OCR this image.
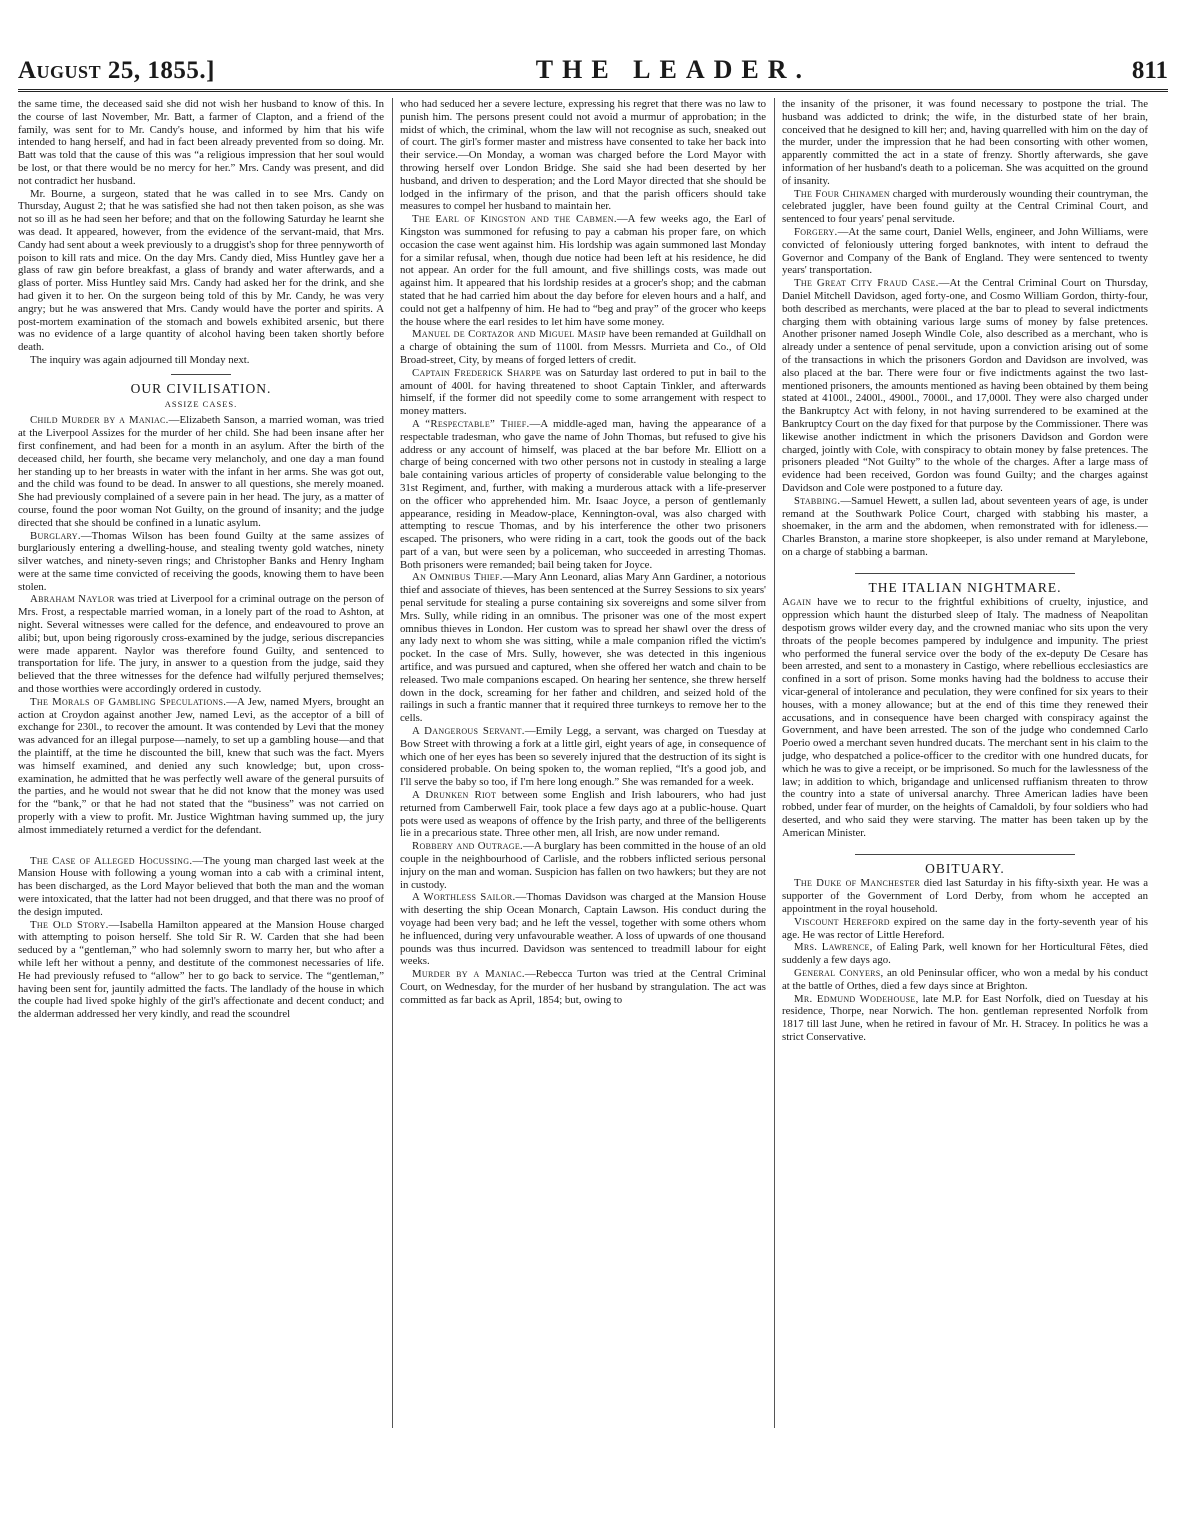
August 25, 1855.]	THE LEADER.	811

the same time, the deceased said she did not wish her husband to know of this. In the course of last November, Mr. Batt, a farmer of Clapton, and a friend of the family, was sent for to Mr. Candy's house, and informed by him that his wife intended to hang herself, and had in fact been already prevented from so doing. Mr. Batt was told that the cause of this was “a religious impression that her soul would be lost, or that there would be no mercy for her.” Mrs. Candy was present, and did not contradict her husband.

Mr. Bourne, a surgeon, stated that he was called in to see Mrs. Candy on Thursday, August 2; that he was satisfied she had not then taken poison, as she was not so ill as he had seen her before; and that on the following Saturday he learnt she was dead. It appeared, however, from the evidence of the servant-maid, that Mrs. Candy had sent about a week previously to a druggist's shop for three pennyworth of poison to kill rats and mice. On the day Mrs. Candy died, Miss Huntley gave her a glass of raw gin before breakfast, a glass of brandy and water afterwards, and a glass of porter. Miss Huntley said Mrs. Candy had asked her for the drink, and she had given it to her. On the surgeon being told of this by Mr. Candy, he was very angry; but he was answered that Mrs. Candy would have the porter and spirits. A post-mortem examination of the stomach and bowels exhibited arsenic, but there was no evidence of a large quantity of alcohol having been taken shortly before death.

The inquiry was again adjourned till Monday next.

OUR CIVILISATION.
ASSIZE CASES.

Child Murder by a Maniac.—Elizabeth Sanson, a married woman, was tried at the Liverpool Assizes for the murder of her child. She had been insane after her first confinement, and had been for a month in an asylum. After the birth of the deceased child, her fourth, she became very melancholy, and one day a man found her standing up to her breasts in water with the infant in her arms. She was got out, and the child was found to be dead. In answer to all questions, she merely moaned. She had previously complained of a severe pain in her head. The jury, as a matter of course, found the poor woman Not Guilty, on the ground of insanity; and the judge directed that she should be confined in a lunatic asylum.

Burglary.—Thomas Wilson has been found Guilty at the same assizes of burglariously entering a dwelling-house, and stealing twenty gold watches, ninety silver watches, and ninety-seven rings; and Christopher Banks and Henry Ingham were at the same time convicted of receiving the goods, knowing them to have been stolen.

Abraham Naylor was tried at Liverpool for a criminal outrage on the person of Mrs. Frost, a respectable married woman, in a lonely part of the road to Ashton, at night. Several witnesses were called for the defence, and endeavoured to prove an alibi; but, upon being rigorously cross-examined by the judge, serious discrepancies were made apparent. Naylor was therefore found Guilty, and sentenced to transportation for life. The jury, in answer to a question from the judge, said they believed that the three witnesses for the defence had wilfully perjured themselves; and those worthies were accordingly ordered in custody.

The Morals of Gambling Speculations.—A Jew, named Myers, brought an action at Croydon against another Jew, named Levi, as the acceptor of a bill of exchange for 230l., to recover the amount. It was contended by Levi that the money was advanced for an illegal purpose—namely, to set up a gambling house—and that the plaintiff, at the time he discounted the bill, knew that such was the fact. Myers was himself examined, and denied any such knowledge; but, upon cross-examination, he admitted that he was perfectly well aware of the general pursuits of the parties, and he would not swear that he did not know that the money was used for the “bank,” or that he had not stated that the “business” was not carried on properly with a view to profit. Mr. Justice Wightman having summed up, the jury almost immediately returned a verdict for the defendant.

The Case of Alleged Hocussing.—The young man charged last week at the Mansion House with following a young woman into a cab with a criminal intent, has been discharged, as the Lord Mayor believed that both the man and the woman were intoxicated, that the latter had not been drugged, and that there was no proof of the design imputed.

The Old Story.—Isabella Hamilton appeared at the Mansion House charged with attempting to poison herself. She told Sir R. W. Carden that she had been seduced by a “gentleman,” who had solemnly sworn to marry her, but who after a while left her without a penny, and destitute of the commonest necessaries of life. He had previously refused to “allow” her to go back to service. The “gentleman,” having been sent for, jauntily admitted the facts. The landlady of the house in which the couple had lived spoke highly of the girl's affectionate and decent conduct; and the alderman addressed her very kindly, and read the scoundrel

who had seduced her a severe lecture, expressing his regret that there was no law to punish him. The persons present could not avoid a murmur of approbation; in the midst of which, the criminal, whom the law will not recognise as such, sneaked out of court. The girl's former master and mistress have consented to take her back into their service.—On Monday, a woman was charged before the Lord Mayor with throwing herself over London Bridge. She said she had been deserted by her husband, and driven to desperation; and the Lord Mayor directed that she should be lodged in the infirmary of the prison, and that the parish officers should take measures to compel her husband to maintain her.

The Earl of Kingston and the Cabmen.—A few weeks ago, the Earl of Kingston was summoned for refusing to pay a cabman his proper fare, on which occasion the case went against him. His lordship was again summoned last Monday for a similar refusal, when, though due notice had been left at his residence, he did not appear. An order for the full amount, and five shillings costs, was made out against him. It appeared that his lordship resides at a grocer's shop; and the cabman stated that he had carried him about the day before for eleven hours and a half, and could not get a halfpenny of him. He had to “beg and pray” of the grocer who keeps the house where the earl resides to let him have some money.

Manuel de Cortazor and Miguel Masip have been remanded at Guildhall on a charge of obtaining the sum of 1100l. from Messrs. Murrieta and Co., of Old Broad-street, City, by means of forged letters of credit.

Captain Frederick Sharpe was on Saturday last ordered to put in bail to the amount of 400l. for having threatened to shoot Captain Tinkler, and afterwards himself, if the former did not speedily come to some arrangement with respect to money matters.

A “Respectable” Thief.—A middle-aged man, having the appearance of a respectable tradesman, who gave the name of John Thomas, but refused to give his address or any account of himself, was placed at the bar before Mr. Elliott on a charge of being concerned with two other persons not in custody in stealing a large bale containing various articles of property of considerable value belonging to the 31st Regiment, and, further, with making a murderous attack with a life-preserver on the officer who apprehended him. Mr. Isaac Joyce, a person of gentlemanly appearance, residing in Meadow-place, Kennington-oval, was also charged with attempting to rescue Thomas, and by his interference the other two prisoners escaped. The prisoners, who were riding in a cart, took the goods out of the back part of a van, but were seen by a policeman, who succeeded in arresting Thomas. Both prisoners were remanded; bail being taken for Joyce.

An Omnibus Thief.—Mary Ann Leonard, alias Mary Ann Gardiner, a notorious thief and associate of thieves, has been sentenced at the Surrey Sessions to six years' penal servitude for stealing a purse containing six sovereigns and some silver from Mrs. Sully, while riding in an omnibus. The prisoner was one of the most expert omnibus thieves in London. Her custom was to spread her shawl over the dress of any lady next to whom she was sitting, while a male companion rifled the victim's pocket. In the case of Mrs. Sully, however, she was detected in this ingenious artifice, and was pursued and captured, when she offered her watch and chain to be released. Two male companions escaped. On hearing her sentence, she threw herself down in the dock, screaming for her father and children, and seized hold of the railings in such a frantic manner that it required three turnkeys to remove her to the cells.

A Dangerous Servant.—Emily Legg, a servant, was charged on Tuesday at Bow Street with throwing a fork at a little girl, eight years of age, in consequence of which one of her eyes has been so severely injured that the destruction of its sight is considered probable. On being spoken to, the woman replied, “It's a good job, and I'll serve the baby so too, if I'm here long enough.” She was remanded for a week.

A Drunken Riot between some English and Irish labourers, who had just returned from Camberwell Fair, took place a few days ago at a public-house. Quart pots were used as weapons of offence by the Irish party, and three of the belligerents lie in a precarious state. Three other men, all Irish, are now under remand.

Robbery and Outrage.—A burglary has been committed in the house of an old couple in the neighbourhood of Carlisle, and the robbers inflicted serious personal injury on the man and woman. Suspicion has fallen on two hawkers; but they are not in custody.

A Worthless Sailor.—Thomas Davidson was charged at the Mansion House with deserting the ship Ocean Monarch, Captain Lawson. His conduct during the voyage had been very bad; and he left the vessel, together with some others whom he influenced, during very unfavourable weather. A loss of upwards of one thousand pounds was thus incurred. Davidson was sentenced to treadmill labour for eight weeks.

Murder by a Maniac.—Rebecca Turton was tried at the Central Criminal Court, on Wednesday, for the murder of her husband by strangulation. The act was committed as far back as April, 1854; but, owing to

the insanity of the prisoner, it was found necessary to postpone the trial. The husband was addicted to drink; the wife, in the disturbed state of her brain, conceived that he designed to kill her; and, having quarrelled with him on the day of the murder, under the impression that he had been consorting with other women, apparently committed the act in a state of frenzy. Shortly afterwards, she gave information of her husband's death to a policeman. She was acquitted on the ground of insanity.

The Four Chinamen charged with murderously wounding their countryman, the celebrated juggler, have been found guilty at the Central Criminal Court, and sentenced to four years' penal servitude.

Forgery.—At the same court, Daniel Wells, engineer, and John Williams, were convicted of feloniously uttering forged banknotes, with intent to defraud the Governor and Company of the Bank of England. They were sentenced to twenty years' transportation.

The Great City Fraud Case.—At the Central Criminal Court on Thursday, Daniel Mitchell Davidson, aged forty-one, and Cosmo William Gordon, thirty-four, both described as merchants, were placed at the bar to plead to several indictments charging them with obtaining various large sums of money by false pretences. Another prisoner named Joseph Windle Cole, also described as a merchant, who is already under a sentence of penal servitude, upon a conviction arising out of some of the transactions in which the prisoners Gordon and Davidson are involved, was also placed at the bar. There were four or five indictments against the two last-mentioned prisoners, the amounts mentioned as having been obtained by them being stated at 4100l., 2400l., 4900l., 7000l., and 17,000l. They were also charged under the Bankruptcy Act with felony, in not having surrendered to be examined at the Bankruptcy Court on the day fixed for that purpose by the Commissioner. There was likewise another indictment in which the prisoners Davidson and Gordon were charged, jointly with Cole, with conspiracy to obtain money by false pretences. The prisoners pleaded “Not Guilty” to the whole of the charges. After a large mass of evidence had been received, Gordon was found Guilty; and the charges against Davidson and Cole were postponed to a future day.

Stabbing.—Samuel Hewett, a sullen lad, about seventeen years of age, is under remand at the Southwark Police Court, charged with stabbing his master, a shoemaker, in the arm and the abdomen, when remonstrated with for idleness.—Charles Branston, a marine store shopkeeper, is also under remand at Marylebone, on a charge of stabbing a barman.

THE ITALIAN NIGHTMARE.

Again have we to recur to the frightful exhibitions of cruelty, injustice, and oppression which haunt the disturbed sleep of Italy. The madness of Neapolitan despotism grows wilder every day, and the crowned maniac who sits upon the very throats of the people becomes pampered by indulgence and impunity. The priest who performed the funeral service over the body of the ex-deputy De Cesare has been arrested, and sent to a monastery in Castigo, where rebellious ecclesiastics are confined in a sort of prison. Some monks having had the boldness to accuse their vicar-general of intolerance and peculation, they were confined for six years to their houses, with a money allowance; but at the end of this time they renewed their accusations, and in consequence have been charged with conspiracy against the Government, and have been arrested. The son of the judge who condemned Carlo Poerio owed a merchant seven hundred ducats. The merchant sent in his claim to the judge, who despatched a police-officer to the creditor with one hundred ducats, for which he was to give a receipt, or be imprisoned. So much for the lawlessness of the law; in addition to which, brigandage and unlicensed ruffianism threaten to throw the country into a state of universal anarchy. Three American ladies have been robbed, under fear of murder, on the heights of Camaldoli, by four soldiers who had deserted, and who said they were starving. The matter has been taken up by the American Minister.

OBITUARY.

The Duke of Manchester died last Saturday in his fifty-sixth year. He was a supporter of the Government of Lord Derby, from whom he accepted an appointment in the royal household.

Viscount Hereford expired on the same day in the forty-seventh year of his age. He was rector of Little Hereford.

Mrs. Lawrence, of Ealing Park, well known for her Horticultural Fêtes, died suddenly a few days ago.

General Conyers, an old Peninsular officer, who won a medal by his conduct at the battle of Orthes, died a few days since at Brighton.

Mr. Edmund Wodehouse, late M.P. for East Norfolk, died on Tuesday at his residence, Thorpe, near Norwich. The hon. gentleman represented Norfolk from 1817 till last June, when he retired in favour of Mr. H. Stracey. In politics he was a strict Conservative.
